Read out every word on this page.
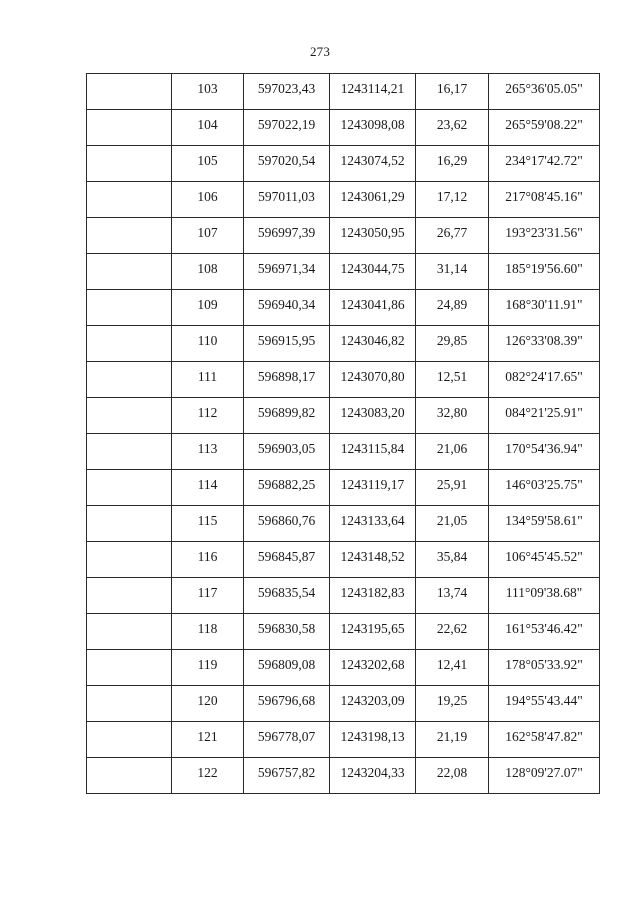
273
	103	597023,43	1243114,21	16,17	265°36'05.05"
	104	597022,19	1243098,08	23,62	265°59'08.22"
	105	597020,54	1243074,52	16,29	234°17'42.72"
	106	597011,03	1243061,29	17,12	217°08'45.16"
	107	596997,39	1243050,95	26,77	193°23'31.56"
	108	596971,34	1243044,75	31,14	185°19'56.60"
	109	596940,34	1243041,86	24,89	168°30'11.91"
	110	596915,95	1243046,82	29,85	126°33'08.39"
	111	596898,17	1243070,80	12,51	082°24'17.65"
	112	596899,82	1243083,20	32,80	084°21'25.91"
	113	596903,05	1243115,84	21,06	170°54'36.94"
	114	596882,25	1243119,17	25,91	146°03'25.75"
	115	596860,76	1243133,64	21,05	134°59'58.61"
	116	596845,87	1243148,52	35,84	106°45'45.52"
	117	596835,54	1243182,83	13,74	111°09'38.68"
	118	596830,58	1243195,65	22,62	161°53'46.42"
	119	596809,08	1243202,68	12,41	178°05'33.92"
	120	596796,68	1243203,09	19,25	194°55'43.44"
	121	596778,07	1243198,13	21,19	162°58'47.82"
	122	596757,82	1243204,33	22,08	128°09'27.07"
